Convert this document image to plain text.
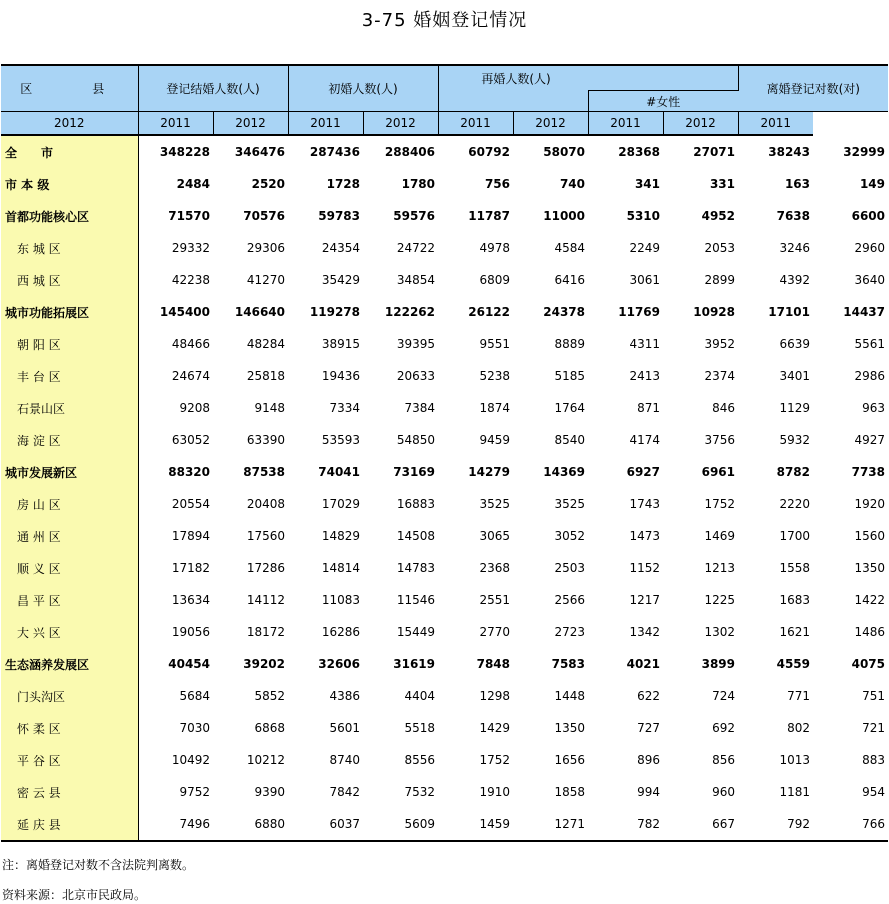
3-75 婚姻登记情况
区　县	登记结婚人数(人)		初婚人数(人)		再婚人数(人)				离婚登记对数(对)	
							#女性			
2012	2011	2012	2011	2012	2011	2012	2011	2012	2011	
全　　市	348228	346476	287436	288406	60792	58070	28368	27071	38243	32999
市 本 级	2484	2520	1728	1780	756	740	341	331	163	149
首都功能核心区	71570	70576	59783	59576	11787	11000	5310	4952	7638	6600
　东 城 区	29332	29306	24354	24722	4978	4584	2249	2053	3246	2960
　西 城 区	42238	41270	35429	34854	6809	6416	3061	2899	4392	3640
城市功能拓展区	145400	146640	119278	122262	26122	24378	11769	10928	17101	14437
　朝 阳 区	48466	48284	38915	39395	9551	8889	4311	3952	6639	5561
　丰 台 区	24674	25818	19436	20633	5238	5185	2413	2374	3401	2986
　石景山区	9208	9148	7334	7384	1874	1764	871	846	1129	963
　海 淀 区	63052	63390	53593	54850	9459	8540	4174	3756	5932	4927
城市发展新区	88320	87538	74041	73169	14279	14369	6927	6961	8782	7738
　房 山 区	20554	20408	17029	16883	3525	3525	1743	1752	2220	1920
　通 州 区	17894	17560	14829	14508	3065	3052	1473	1469	1700	1560
　顺 义 区	17182	17286	14814	14783	2368	2503	1152	1213	1558	1350
　昌 平 区	13634	14112	11083	11546	2551	2566	1217	1225	1683	1422
　大 兴 区	19056	18172	16286	15449	2770	2723	1342	1302	1621	1486
生态涵养发展区	40454	39202	32606	31619	7848	7583	4021	3899	4559	4075
　门头沟区	5684	5852	4386	4404	1298	1448	622	724	771	751
　怀 柔 区	7030	6868	5601	5518	1429	1350	727	692	802	721
　平 谷 区	10492	10212	8740	8556	1752	1656	896	856	1013	883
　密 云 县	9752	9390	7842	7532	1910	1858	994	960	1181	954
　延 庆 县	7496	6880	6037	5609	1459	1271	782	667	792	766
注：离婚登记对数不含法院判离数。
资料来源：北京市民政局。
